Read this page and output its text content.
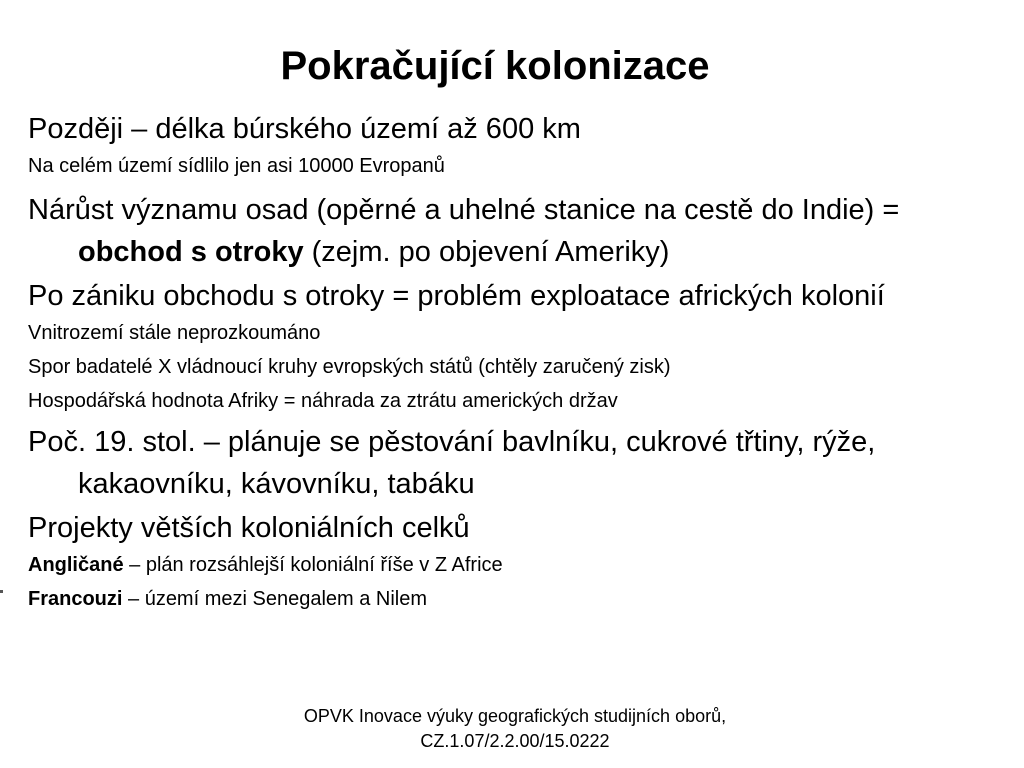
Pokračující kolonizace

Později – délka búrského území až 600 km

Na celém území sídlilo jen asi 10000 Evropanů

Nárůst významu osad (opěrné a uhelné stanice na cestě do Indie) = obchod s otroky (zejm. po objevení Ameriky)

Po zániku obchodu s otroky = problém exploatace afrických kolonií

Vnitrozemí stále neprozkoumáno

Spor badatelé X vládnoucí kruhy evropských států (chtěly zaručený zisk)

Hospodářská hodnota Afriky = náhrada za ztrátu amerických držav

Poč. 19. stol. – plánuje se pěstování bavlníku, cukrové třtiny, rýže, kakaovníku, kávovníku, tabáku

Projekty větších koloniálních celků

Angličané – plán rozsáhlejší koloniální říše v Z Africe

Francouzi – území mezi Senegalem a Nilem

OPVK Inovace výuky geografických studijních oborů,
CZ.1.07/2.2.00/15.0222
